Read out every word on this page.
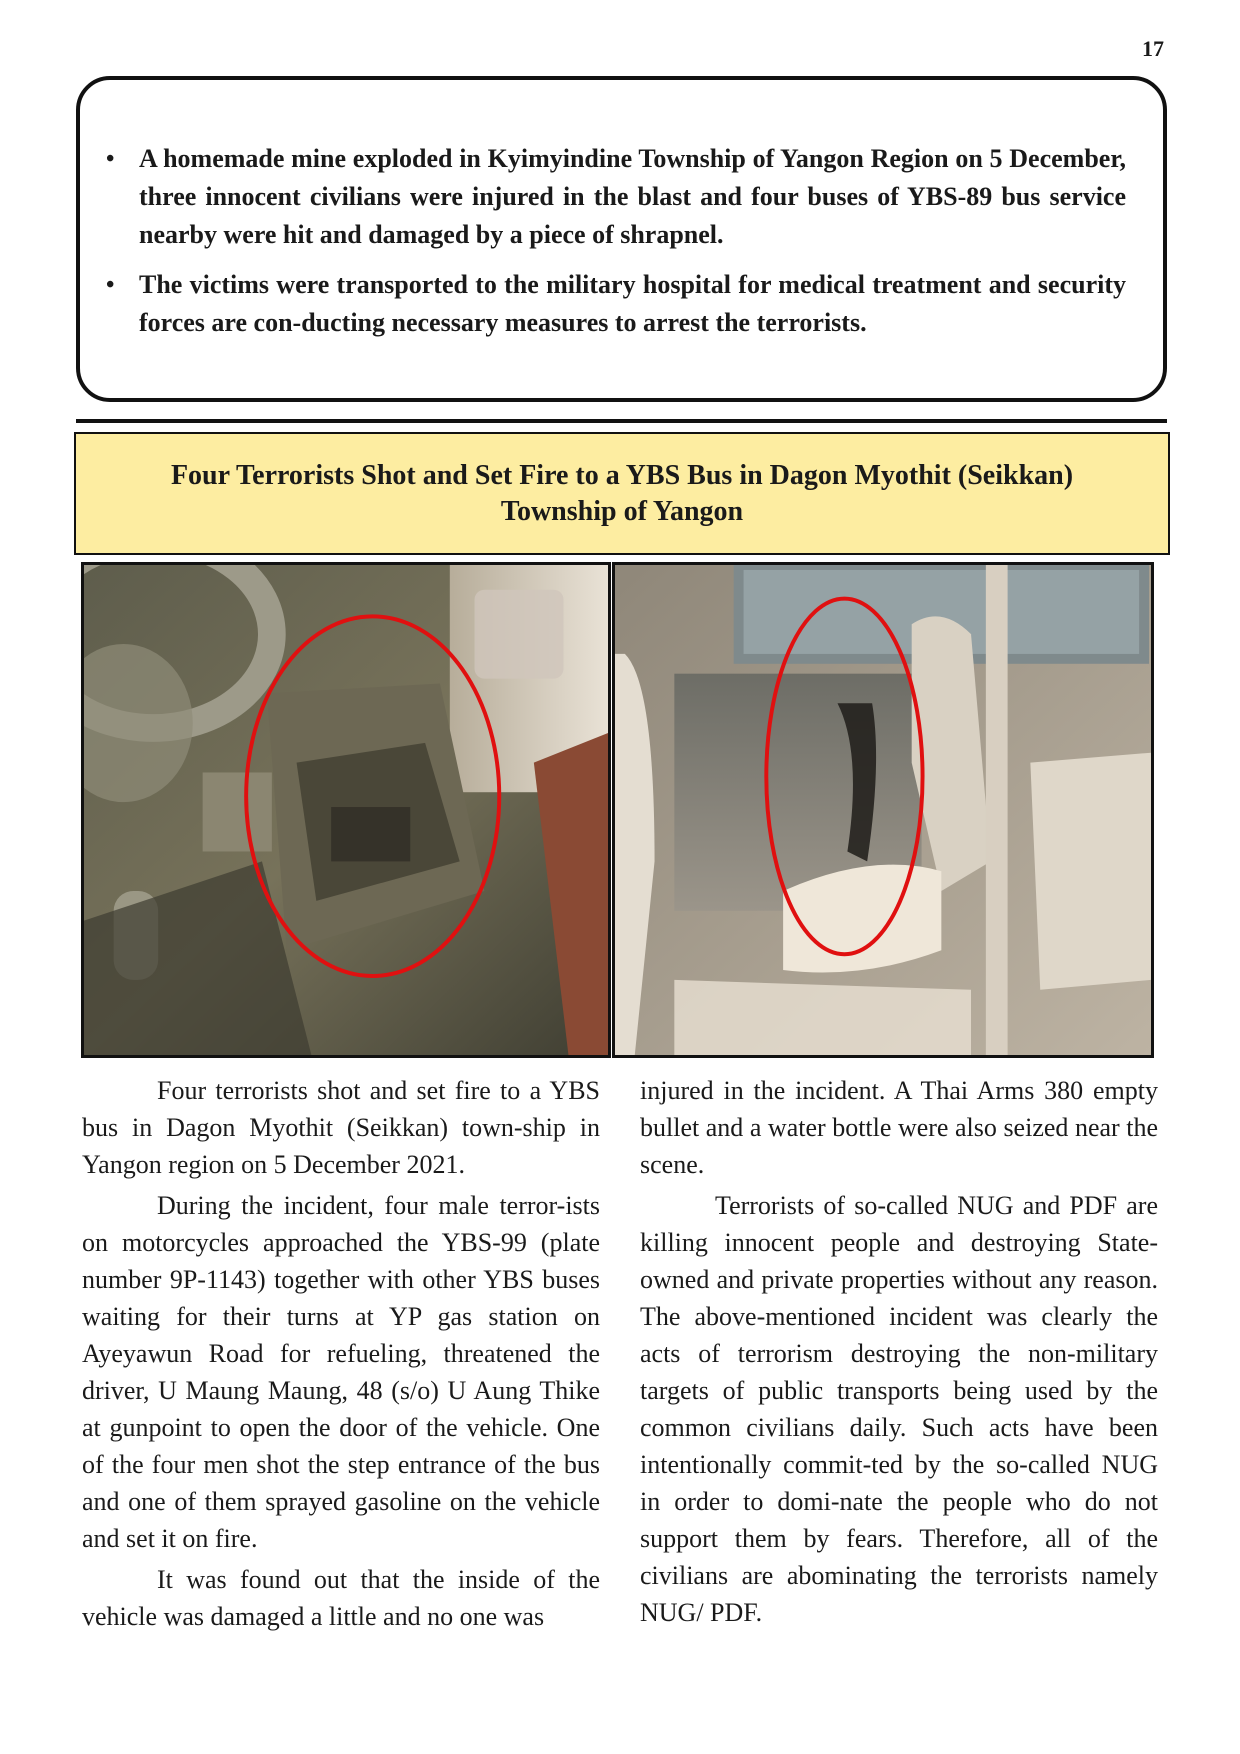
17
• A homemade mine exploded in Kyimyindine Township of Yangon Region on 5 December, three innocent civilians were injured in the blast and four buses of YBS-89 bus service nearby were hit and damaged by a piece of shrapnel.
• The victims were transported to the military hospital for medical treatment and security forces are con-ducting necessary measures to arrest the terrorists.
Four Terrorists Shot and Set Fire to a YBS Bus in Dagon Myothit (Seikkan)
Township of Yangon

Four terrorists shot and set fire to a YBS bus in Dagon Myothit (Seikkan) town-ship in Yangon region on 5 December 2021.

During the incident, four male terror-ists on motorcycles approached the YBS-99 (plate number 9P-1143) together with other YBS buses waiting for their turns at YP gas station on Ayeyawun Road for refueling, threatened the driver, U Maung Maung, 48 (s/o) U Aung Thike at gunpoint to open the door of the vehicle. One of the four men shot the step entrance of the bus and one of them sprayed gasoline on the vehicle and set it on fire.

It was found out that the inside of the vehicle was damaged a little and no one was

injured in the incident. A Thai Arms 380 empty bullet and a water bottle were also seized near the scene.

Terrorists of so-called NUG and PDF are killing innocent people and destroying State-owned and private properties without any reason. The above-mentioned incident was clearly the acts of terrorism destroying the non-military targets of public transports being used by the common civilians daily. Such acts have been intentionally commit-ted by the so-called NUG in order to domi-nate the people who do not support them by fears. Therefore, all of the civilians are abominating the terrorists namely NUG/ PDF.
